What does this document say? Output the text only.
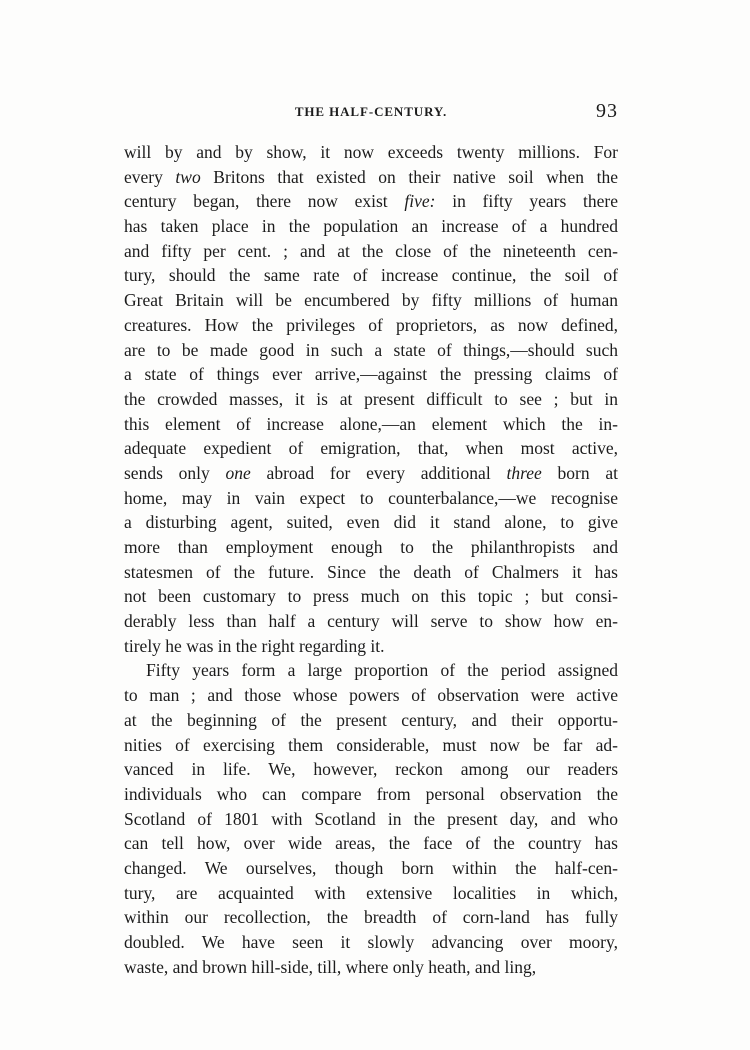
THE HALF-CENTURY.	93
will by and by show, it now exceeds twenty millions. For
every two Britons that existed on their native soil when the
century began, there now exist five: in fifty years there
has taken place in the population an increase of a hundred
and fifty per cent. ; and at the close of the nineteenth cen-
tury, should the same rate of increase continue, the soil of
Great Britain will be encumbered by fifty millions of human
creatures. How the privileges of proprietors, as now defined,
are to be made good in such a state of things,—should such
a state of things ever arrive,—against the pressing claims of
the crowded masses, it is at present difficult to see ; but in
this element of increase alone,—an element which the in-
adequate expedient of emigration, that, when most active,
sends only one abroad for every additional three born at
home, may in vain expect to counterbalance,—we recognise
a disturbing agent, suited, even did it stand alone, to give
more than employment enough to the philanthropists and
statesmen of the future. Since the death of Chalmers it has
not been customary to press much on this topic ; but consi-
derably less than half a century will serve to show how en-
tirely he was in the right regarding it.
Fifty years form a large proportion of the period assigned
to man ; and those whose powers of observation were active
at the beginning of the present century, and their opportu-
nities of exercising them considerable, must now be far ad-
vanced in life. We, however, reckon among our readers
individuals who can compare from personal observation the
Scotland of 1801 with Scotland in the present day, and who
can tell how, over wide areas, the face of the country has
changed. We ourselves, though born within the half-cen-
tury, are acquainted with extensive localities in which,
within our recollection, the breadth of corn-land has fully
doubled. We have seen it slowly advancing over moory,
waste, and brown hill-side, till, where only heath, and ling,
